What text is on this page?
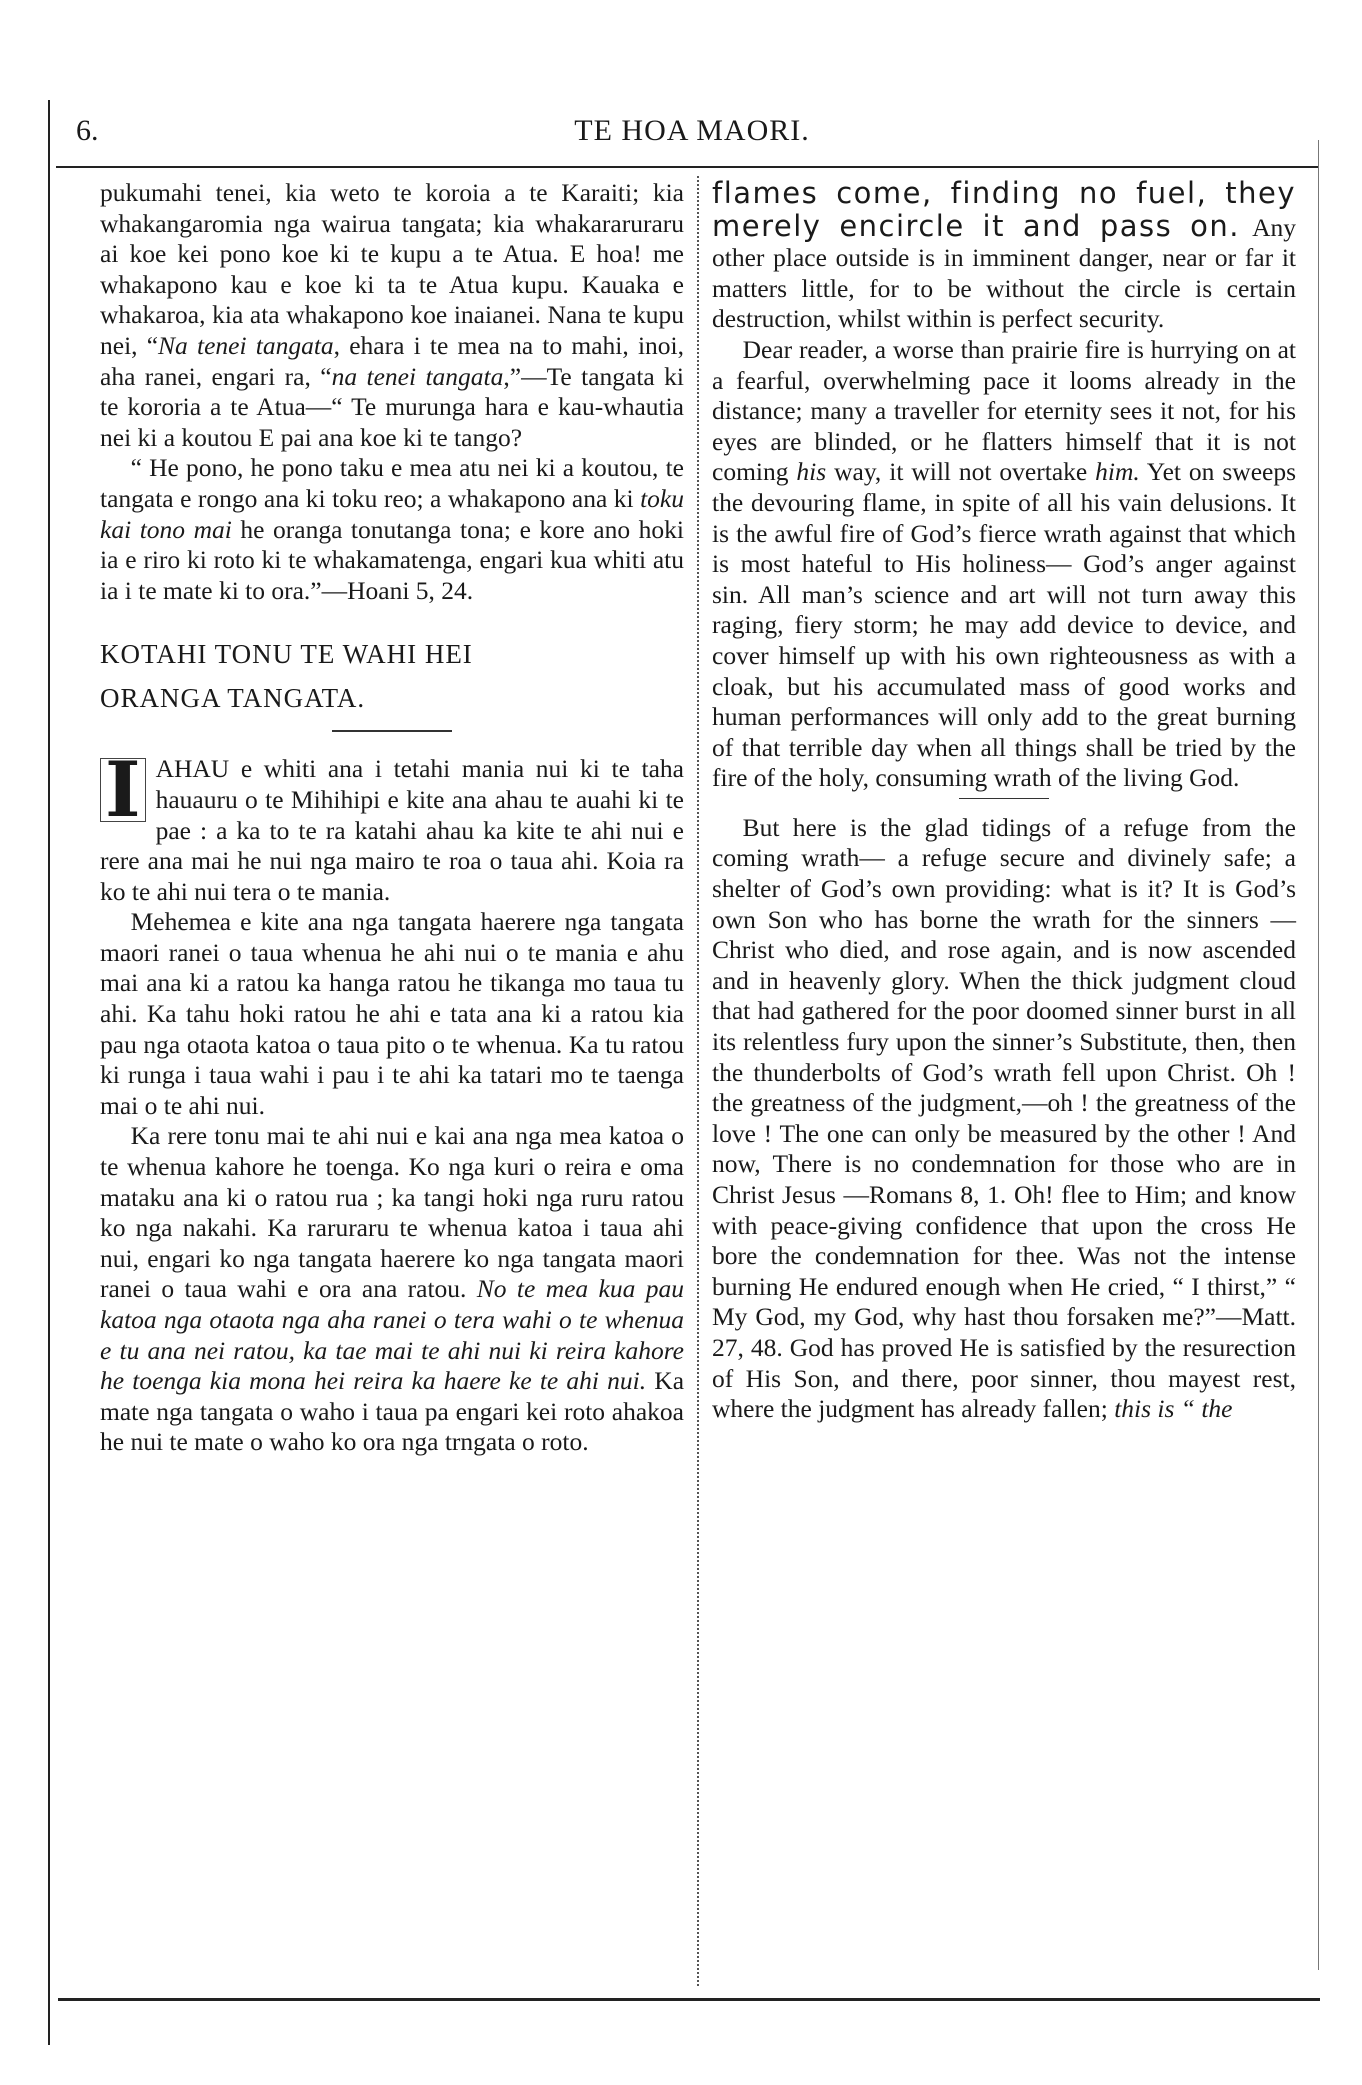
6.	TE HOA MAORI.

pukumahi tenei, kia weto te koroia a te Karaiti; kia whakangaromia nga wairua tangata; kia whakararuraru ai koe kei pono koe ki te kupu a te Atua. E hoa! me whakapono kau e koe ki ta te Atua kupu. Kauaka e whakaroa, kia ata whakapono koe inaianei. Nana te kupu nei, “Na tenei tangata, ehara i te mea na to mahi, inoi, aha ranei, engari ra, “na tenei tangata,”—Te tangata ki te kororia a te Atua—“ Te murunga hara e kau-whautia nei ki a koutou E pai ana koe ki te tango?

“ He pono, he pono taku e mea atu nei ki a koutou, te tangata e rongo ana ki toku reo; a whakapono ana ki toku kai tono mai he oranga tonutanga tona; e kore ano hoki ia e riro ki roto ki te whakamatenga, engari kua whiti atu ia i te mate ki to ora.”—Hoani 5, 24.

KOTAHI TONU TE WAHI HEI

ORANGA TANGATA.

I AHAU e whiti ana i tetahi mania nui ki te taha hauauru o te Mihihipi e kite ana ahau te auahi ki te pae : a ka to te ra katahi ahau ka kite te ahi nui e rere ana mai he nui nga mairo te roa o taua ahi. Koia ra ko te ahi nui tera o te mania.

Mehemea e kite ana nga tangata haerere nga tangata maori ranei o taua whenua he ahi nui o te mania e ahu mai ana ki a ratou ka hanga ratou he tikanga mo taua tu ahi. Ka tahu hoki ratou he ahi e tata ana ki a ratou kia pau nga otaota katoa o taua pito o te whenua. Ka tu ratou ki runga i taua wahi i pau i te ahi ka tatari mo te taenga mai o te ahi nui.

Ka rere tonu mai te ahi nui e kai ana nga mea katoa o te whenua kahore he toenga. Ko nga kuri o reira e oma mataku ana ki o ratou rua ; ka tangi hoki nga ruru ratou ko nga nakahi. Ka raruraru te whenua katoa i taua ahi nui, engari ko nga tangata haerere ko nga tangata maori ranei o taua wahi e ora ana ratou. No te mea kua pau katoa nga otaota nga aha ranei o tera wahi o te whenua e tu ana nei ratou, ka tae mai te ahi nui ki reira kahore he toenga kia mona hei reira ka haere ke te ahi nui. Ka mate nga tangata o waho i taua pa engari kei roto ahakoa he nui te mate o waho ko ora nga trngata o roto.

flames come, finding no fuel, they merely encircle it and pass on. Any other place outside is in imminent danger, near or far it matters little, for to be without the circle is certain destruction, whilst within is perfect security.

Dear reader, a worse than prairie fire is hurrying on at a fearful, overwhelming pace it looms already in the distance; many a traveller for eternity sees it not, for his eyes are blinded, or he flatters himself that it is not coming his way, it will not overtake him. Yet on sweeps the devouring flame, in spite of all his vain delusions. It is the awful fire of God’s fierce wrath against that which is most hateful to His holiness— God’s anger against sin. All man’s science and art will not turn away this raging, fiery storm; he may add device to device, and cover himself up with his own righteousness as with a cloak, but his accumulated mass of good works and human performances will only add to the great burning of that terrible day when all things shall be tried by the fire of the holy, consuming wrath of the living God.

But here is the glad tidings of a refuge from the coming wrath— a refuge secure and divinely safe; a shelter of God’s own providing: what is it? It is God’s own Son who has borne the wrath for the sinners —Christ who died, and rose again, and is now ascended and in heavenly glory. When the thick judgment cloud that had gathered for the poor doomed sinner burst in all its relentless fury upon the sinner’s Substitute, then, then the thunderbolts of God’s wrath fell upon Christ. Oh ! the greatness of the judgment,—oh ! the greatness of the love ! The one can only be measured by the other ! And now, There is no condemnation for those who are in Christ Jesus —Romans 8, 1. Oh! flee to Him; and know with peace-giving confidence that upon the cross He bore the condemnation for thee. Was not the intense burning He endured enough when He cried, “ I thirst,” “ My God, my God, why hast thou forsaken me?”—Matt. 27, 48. God has proved He is satisfied by the resurection of His Son, and there, poor sinner, thou mayest rest, where the judgment has already fallen; this is “ the
